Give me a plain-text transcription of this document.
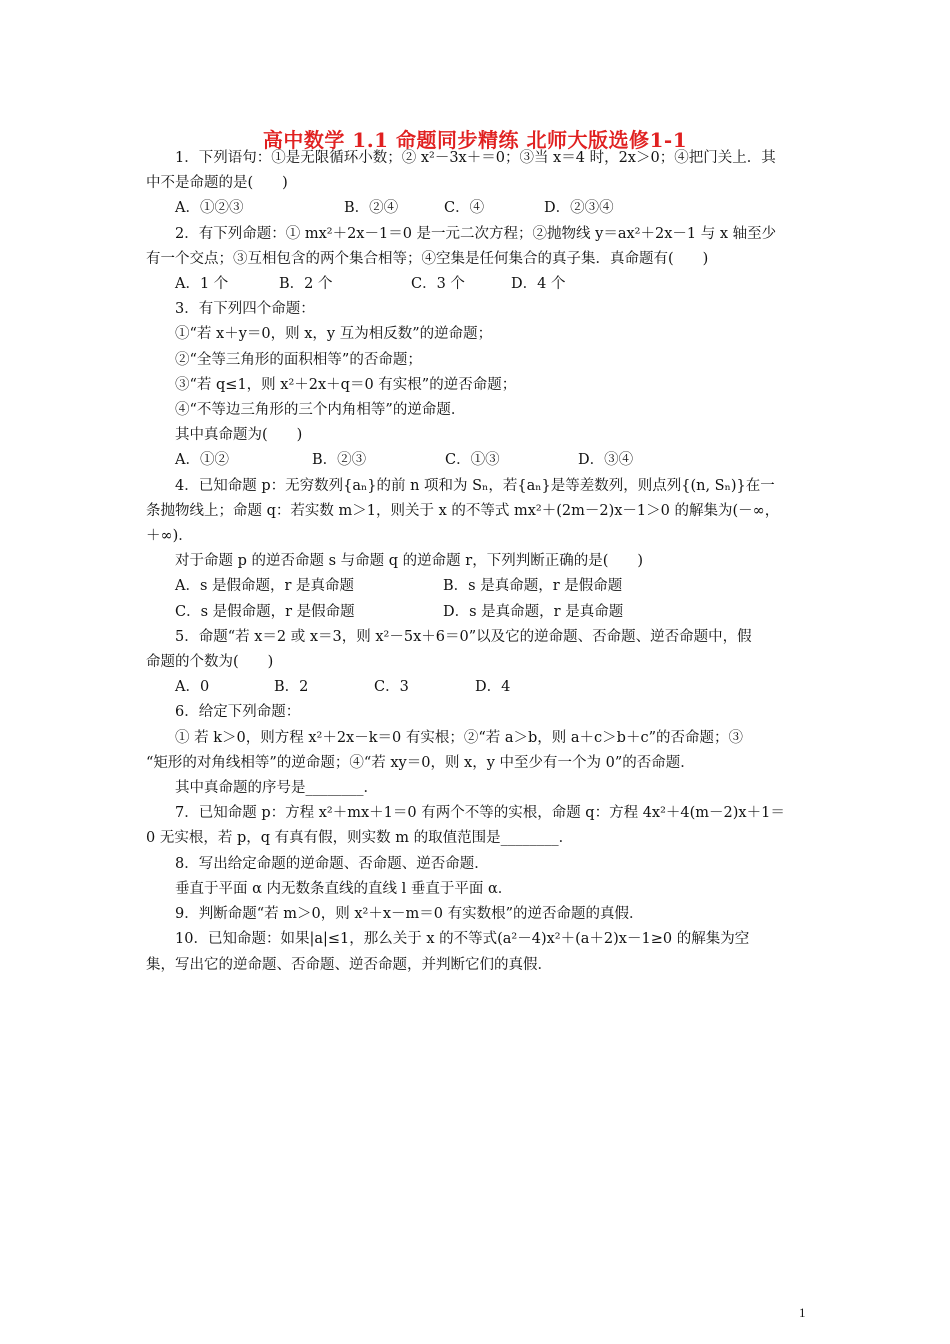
高中数学 1.1 命题同步精练 北师大版选修1-1
1．下列语句：①是无限循环小数；② x²－3x＋＝0；③当 x＝4 时，2x＞0；④把门关上．其
中不是命题的是(　　)
A．①②③	B．②④	C．④	D．②③④
2．有下列命题：① mx²＋2x－1＝0 是一元二次方程；②抛物线 y＝ax²＋2x－1 与 x 轴至少
有一个交点；③互相包含的两个集合相等；④空集是任何集合的真子集．真命题有(　　)
A．1 个	B．2 个	C．3 个	D．4 个
3．有下列四个命题：
①“若 x＋y＝0，则 x，y 互为相反数”的逆命题；
②“全等三角形的面积相等”的否命题；
③“若 q≤1，则 x²＋2x＋q＝0 有实根”的逆否命题；
④“不等边三角形的三个内角相等”的逆命题．
其中真命题为(　　)
A．①②	B．②③	C．①③	D．③④
4．已知命题 p：无穷数列{aₙ}的前 n 项和为 Sₙ，若{aₙ}是等差数列，则点列{(n, Sₙ)}在一
条抛物线上；命题 q：若实数 m＞1，则关于 x 的不等式 mx²＋(2m－2)x－1＞0 的解集为(－∞，
＋∞)．
对于命题 p 的逆否命题 s 与命题 q 的逆命题 r，下列判断正确的是(　　)
A．s 是假命题，r 是真命题	B．s 是真命题，r 是假命题
C．s 是假命题，r 是假命题	D．s 是真命题，r 是真命题
5．命题“若 x＝2 或 x＝3，则 x²－5x＋6＝0”以及它的逆命题、否命题、逆否命题中，假
命题的个数为(　　)
A．0	B．2	C．3	D．4
6．给定下列命题：
① 若 k＞0，则方程 x²＋2x－k＝0 有实根；②“若 a＞b，则 a＋c＞b＋c”的否命题；③
“矩形的对角线相等”的逆命题；④“若 xy＝0，则 x，y 中至少有一个为 0”的否命题．
其中真命题的序号是________．
7．已知命题 p：方程 x²＋mx＋1＝0 有两个不等的实根，命题 q：方程 4x²＋4(m－2)x＋1＝
0 无实根，若 p，q 有真有假，则实数 m 的取值范围是________．
8．写出给定命题的逆命题、否命题、逆否命题．
垂直于平面 α 内无数条直线的直线 l 垂直于平面 α．
9．判断命题“若 m＞0，则 x²＋x－m＝0 有实数根”的逆否命题的真假．
10．已知命题：如果|a|≤1，那么关于 x 的不等式(a²－4)x²＋(a＋2)x－1≥0 的解集为空
集，写出它的逆命题、否命题、逆否命题，并判断它们的真假．
1
